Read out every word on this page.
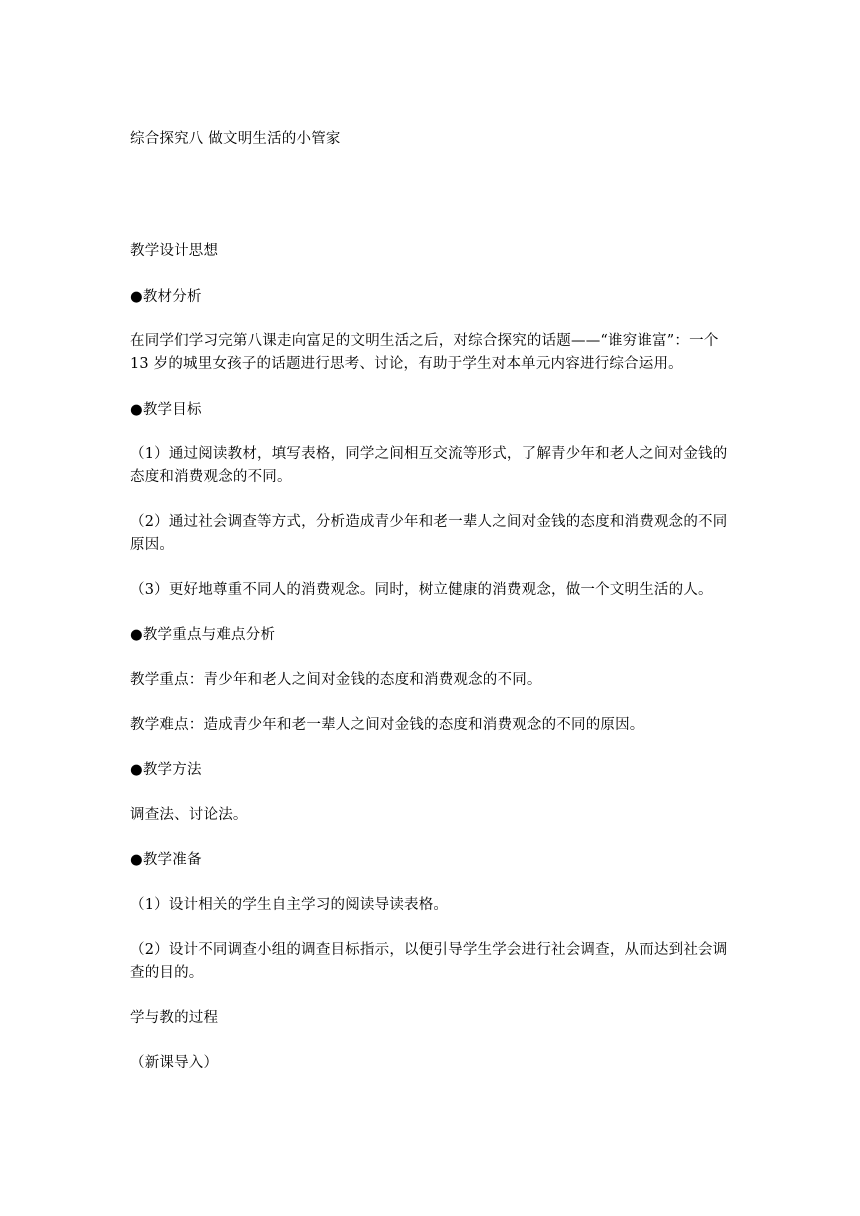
综合探究八 做文明生活的小管家
教学设计思想
●教材分析
在同学们学习完第八课走向富足的文明生活之后，对综合探究的话题——“谁穷谁富”：一个 13 岁的城里女孩子的话题进行思考、讨论，有助于学生对本单元内容进行综合运用。
●教学目标
（1）通过阅读教材，填写表格，同学之间相互交流等形式，了解青少年和老人之间对金钱的态度和消费观念的不同。
（2）通过社会调查等方式，分析造成青少年和老一辈人之间对金钱的态度和消费观念的不同原因。
（3）更好地尊重不同人的消费观念。同时，树立健康的消费观念，做一个文明生活的人。
●教学重点与难点分析
教学重点：青少年和老人之间对金钱的态度和消费观念的不同。
教学难点：造成青少年和老一辈人之间对金钱的态度和消费观念的不同的原因。
●教学方法
调查法、讨论法。
●教学准备
（1）设计相关的学生自主学习的阅读导读表格。
（2）设计不同调查小组的调查目标指示，以便引导学生学会进行社会调查，从而达到社会调查的目的。
学与教的过程
（新课导入）
